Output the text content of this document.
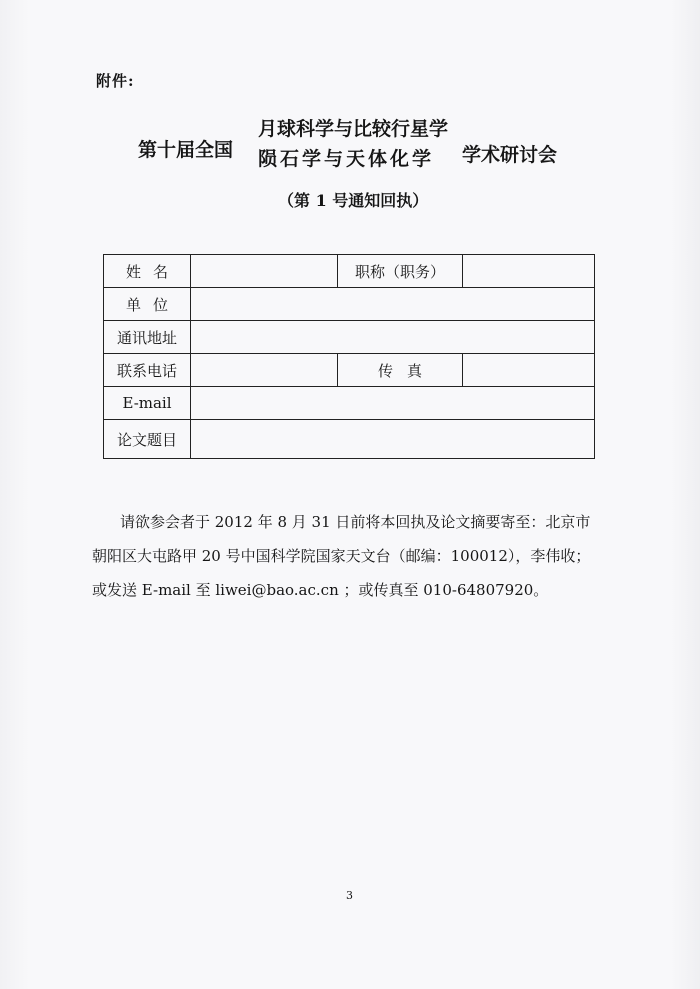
附件:
第十届全国
月球科学与比较行星学
陨石学与天体化学 学术研讨会
（第 1 号通知回执）
姓名		职称（职务）	
单位			
通讯地址			
联系电话		传真	
E-mail			
论文题目			
请欲参会者于 2012 年 8 月 31 日前将本回执及论文摘要寄至：北京市
朝阳区大屯路甲 20 号中国科学院国家天文台（邮编：100012），李伟收；
或发送 E-mail 至 liwei@bao.ac.cn ；或传真至 010-64807920。
3
